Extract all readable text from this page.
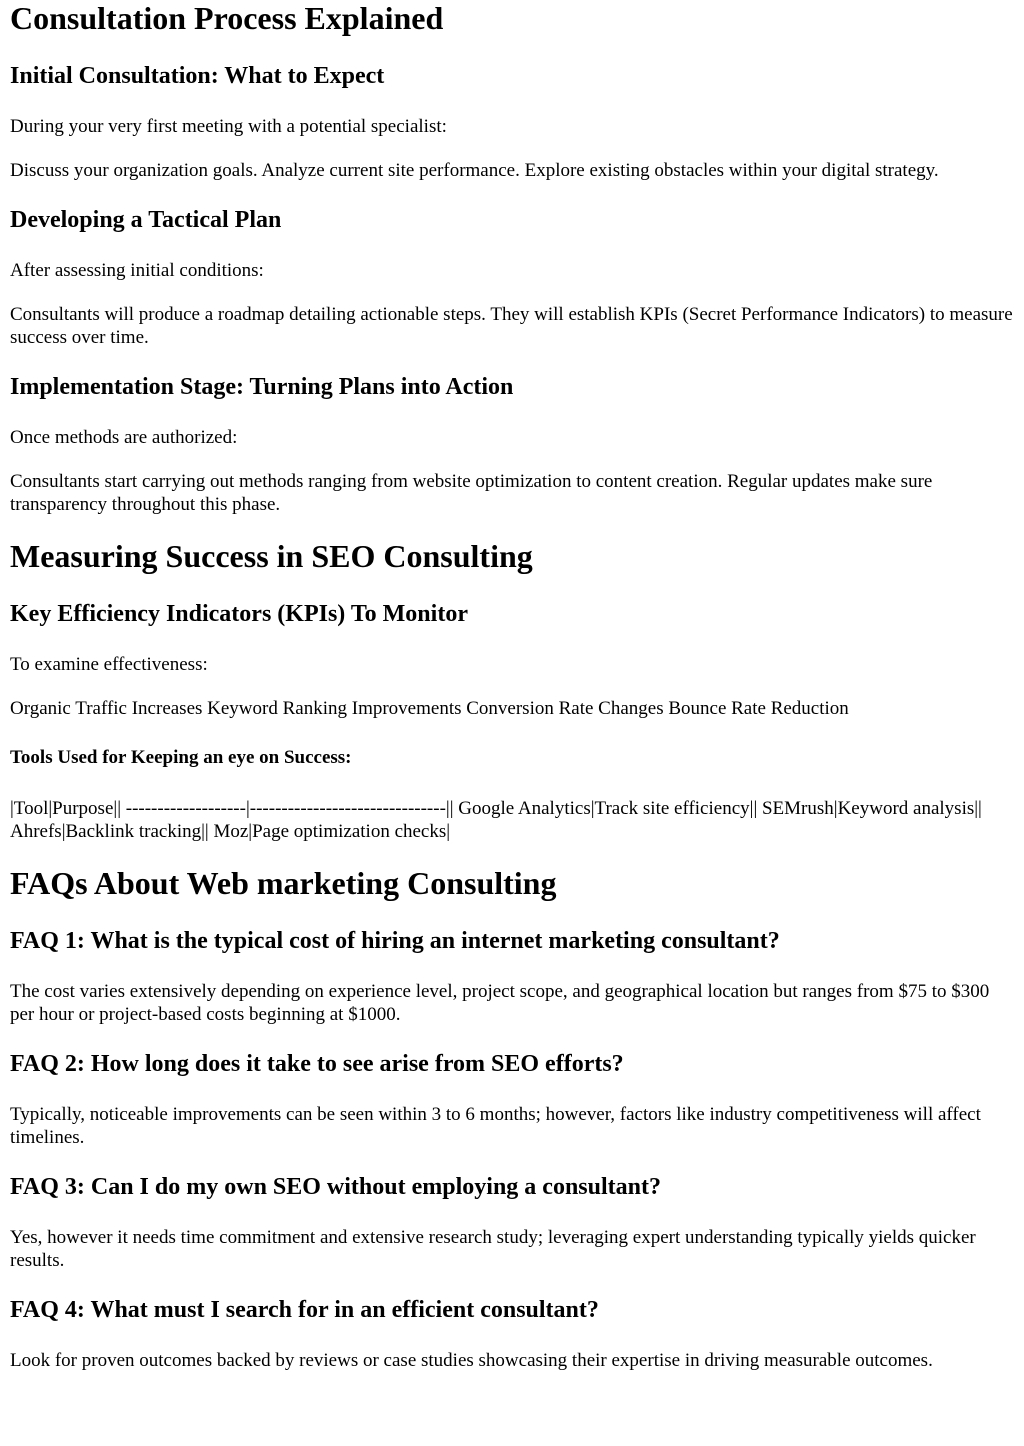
Consultation Process Explained
Initial Consultation: What to Expect

During your very first meeting with a potential specialist:

Discuss your organization goals. Analyze current site performance. Explore existing obstacles within your digital strategy.

Developing a Tactical Plan

After assessing initial conditions:

Consultants will produce a roadmap detailing actionable steps. They will establish KPIs (Secret Performance Indicators) to measure success over time.

Implementation Stage: Turning Plans into Action

Once methods are authorized:

Consultants start carrying out methods ranging from website optimization to content creation. Regular updates make sure transparency throughout this phase.

Measuring Success in SEO Consulting
Key Efficiency Indicators (KPIs) To Monitor

To examine effectiveness:

Organic Traffic Increases Keyword Ranking Improvements Conversion Rate Changes Bounce Rate Reduction

Tools Used for Keeping an eye on Success:

|Tool|Purpose|| -------------------|-------------------------------|| Google Analytics|Track site efficiency|| SEMrush|Keyword analysis|| Ahrefs|Backlink tracking|| Moz|Page optimization checks|

FAQs About Web marketing Consulting
FAQ 1: What is the typical cost of hiring an internet marketing consultant?

The cost varies extensively depending on experience level, project scope, and geographical location but ranges from $75 to $300 per hour or project-based costs beginning at $1000.

FAQ 2: How long does it take to see arise from SEO efforts?

Typically, noticeable improvements can be seen within 3 to 6 months; however, factors like industry competitiveness will affect timelines.

FAQ 3: Can I do my own SEO without employing a consultant?

Yes, however it needs time commitment and extensive research study; leveraging expert understanding typically yields quicker results.

FAQ 4: What must I search for in an efficient consultant?

Look for proven outcomes backed by reviews or case studies showcasing their expertise in driving measurable outcomes.
